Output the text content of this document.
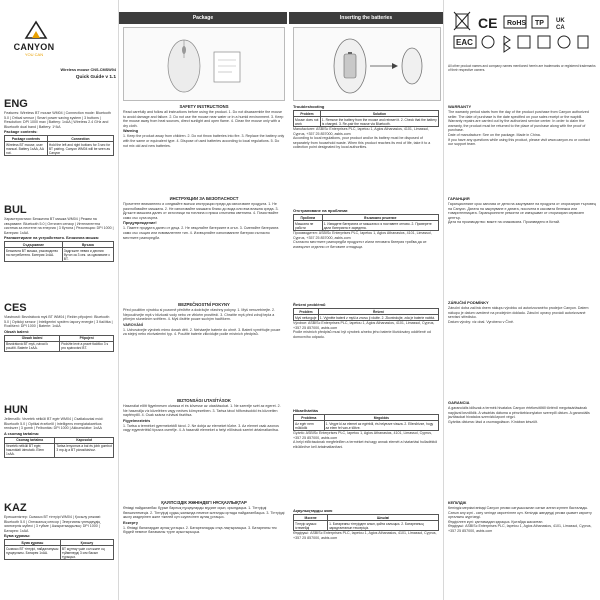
CANYON
YOU CAN
Wireless mouse CNS-CMSW04
Quick Guide v 1.1
ENG

Features: Wireless BT mouse WM04 | Connection mode: Bluetooth 5.0 | Ortical sensor | Smart power saving system | 3 buttons | Resolution: DPI 1000 max | Battery: 1xAA | Wireless 2.4 GHz and Bluetooth dual band | Battery: 1*AA

Package contents:
Package contents	Connection
Wireless BT mouse, user manual. Battery 1xAA, AA not.	Hold the left and right buttons for 3 sec for BT pairing. Canyon WM04 will be seen as Canyon
BUL

Характеристики: Безжична BT мишка WM04 | Режим на свързване: Bluetooth 5.0 | Оптичен сензор | Интелигентна система за пестене на енергия | 3 бутона | Резолюция: DPI 1000 | Батерия: 1xAA

Разпакетиране на устройството. Безжична мишка:
Съдържание	Връзка
Безжична BT мишка, ръководство на потребителя. Батерия 1xAA.	Задръжте левия и десния бутон за 3 сек. за сдвояване с BT.
CES

Vlastnosti: Bezdrátová myš BT WM04 | Režim připojení: Bluetooth 5.0 | Optický senzor | Inteligentní systém úspory energie | 3 tlačítka | Rozlišení: DPI 1000 | Baterie: 1xAA

Obsah balení:
Obsah balení	Připojení
Bezdrátová BT myš, návod k použití. Baterie 1xAA.	Podržte levé a pravé tlačítko 3 s pro spárování BT.
HUN

Jellemzők: Vezeték nélküli BT egér WM04 | Csatlakozási mód: Bluetooth 5.0 | Optikai érzékelő | Intelligens energiatakarékos rendszer | 3 gomb | Felbontás: DPI 1000 | Akkumulátor: 1xAA

A csomag tartalma:
Csomag tartalma	Kapcsolat
Vezeték nélküli BT egér, használati útmutató. Elem 1xAA.	Tartsa lenyomva a bal és jobb gombot 3 mp-ig a BT párosításhoz.
KAZ

Ерекшеліктер: Сымсыз BT тінтуірі WM04 | Қосылу режимі: Bluetooth 5.0 | Оптикалық сенсор | Энергияны үнемдеудің зияткерлік жүйесі | 3 түйме | Ажыратымдылық: DPI 1000 | Батарея: 1xAA

Бума құрамы:
Бума құрамы	Қосылу
Сымсыз BT тінтуірі, пайдаланушы нұсқаулығы. Батарея 1xAA.	BT жұптау үшін сол және оң түймелерді 3 сек басып тұрыңыз.
Package
SAFETY INSTRUCTIONS

Read carefully and follow all instructions before using the product. 1. Do not disassemble the mouse to avoid damage and failure. 2. Do not use the mouse near water or in a humid environment. 3. Keep the mouse away from heat sources, direct sunlight and open flame. 4. Clean the mouse only with a dry cloth.

Warning

1. Keep the product away from children. 2. Do not throw batteries into fire. 3. Replace the battery only with the same or equivalent type. 4. Dispose of used batteries according to local regulations. 5. Do not mix old and new batteries.

ИНСТРУКЦИИ ЗА БЕЗОПАСНОСТ

Прочетете внимателно и следвайте всички инструкции преди да използвате продукта. 1. Не разглобявайте мишката. 2. Не използвайте мишката близо до вода или във влажна среда. 3. Дръжте мишката далеч от източници на топлина и пряка слънчева светлина. 4. Почиствайте само със суха кърпа.

Предупреждение!

1. Пазете продукта далеч от деца. 2. Не хвърляйте батериите в огън. 3. Сменяйте батерията само със същия или еквивалентен тип. 4. Изхвърляйте използваните батерии съгласно местните разпоредби.

BEZPEČNOSTNÍ POKYNY

Před použitím výrobku si pozorně přečtěte a dodržujte všechny pokyny. 1. Myš nerozebírejte. 2. Nepoužívejte myš v blízkosti vody nebo ve vlhkém prostředí. 3. Chraňte myš před zdroji tepla a přímým slunečním světlem. 4. Myš čistěte pouze suchým hadříkem.

VAROVÁNÍ

1. Uchovávejte výrobek mimo dosah dětí. 2. Neházejte baterie do ohně. 3. Baterii vyměňujte pouze za stejný nebo ekvivalentní typ. 4. Použité baterie zlikvidujte podle místních předpisů.

BIZTONSÁGI UTASÍTÁSOK

Használat előtt figyelmesen olvassa el és kövesse az utasításokat. 1. Ne szerelje szét az egeret. 2. Ne használja víz közelében vagy nedves környezetben. 3. Tartsa távol hőforrásoktól és közvetlen napfénytől. 4. Csak száraz ruhával tisztítsa.

Figyelmeztetés

1. Tartsa a terméket gyermekektől távol. 2. Ne dobja az elemeket tűzbe. 3. Az elemet csak azonos vagy egyenértékű típusra cserélje. 4. A használt elemeket a helyi előírások szerint ártalmatlanítsa.

ҚАУІПСІЗДІК ЖӨНІНДЕГІ НҰСҚАУЛЫҚТАР

Өнімді пайдаланбас бұрын барлық нұсқауларды мұқият оқып, орындаңыз. 1. Тінтуірді бөлшектемеңіз. 2. Тінтуірді судың жанында немесе ылғалды ортада пайдаланбаңыз. 3. Тінтуірді жылу көздерінен және тікелей күн сәулесінен аулақ ұстаңыз.

Ескерту

1. Өнімді балалардан аулақ ұстаңыз. 2. Батареяларды отқа лақтырмаңыз. 3. Батареяны тек бірдей немесе баламалы түрге ауыстырыңыз.

Inserting the batteries
Troubleshooting
Problem	Solution
Mouse does not work	1. Remove the battery from the mouse and reinsert it. 2. Check that the battery is charged. 3. Re-pair the mouse via Bluetooth.

Manufacturer: ASBISc Enterprises PLC, Iapetou 1, Agios Athanasios, 4101, Limassol, Cyprus, +357 25 857000, asbis.com

According to local regulations, your product and/or its battery must be disposed of separately from household waste. When this product reaches its end of life, take it to a collection point designated by local authorities.

Отстраняване на проблеми
Проблем	Възможно решение
Мишката не работи	1. Извадете батерията от мишката и я поставете отново. 2. Проверете дали батерията е заредена.

Производител: ASBISc Enterprises PLC, Iapetou 1, Agios Athanasios, 4101, Limassol, Cyprus, +357 25 857000, asbis.com

Съгласно местните разпоредби продуктът и/или неговата батерия трябва да се изхвърлят отделно от битовите отпадъци.

Řešení problémů
Problém	Řešení
Myš nefunguje	1. Vyjměte baterii z myši a znovu ji vložte. 2. Zkontrolujte, zda je baterie nabitá.

Výrobce: ASBISc Enterprises PLC, Iapetou 1, Agios Athanasios, 4101, Limassol, Cyprus, +357 25 857000, asbis.com

Podle místních předpisů musí být výrobek a/nebo jeho baterie likvidovány odděleně od domovního odpadu.

Hibaelhárítás
Probléma	Megoldás
Az egér nem működik	1. Vegye ki az elemet az egérből, és helyezze vissza. 2. Ellenőrizze, hogy az elem fel van-e töltve.

Gyártó: ASBISc Enterprises PLC, Iapetou 1, Agios Athanasios, 4101, Limassol, Cyprus, +357 25 857000, asbis.com

A helyi előírásoknak megfelelően a terméket és/vagy annak elemét a háztartási hulladéktól elkülönítve kell ártalmatlanítani.

Ақаулықтарды жою
Мәселе	Шешімі
Тінтуір жұмыс істемейді	1. Батареяны тінтуірден алып, қайта салыңыз. 2. Батареяның зарядталғанын тексеріңіз.

Өндіруші: ASBISc Enterprises PLC, Iapetou 1, Agios Athanasios, 4101, Limassol, Cyprus, +357 25 857000, asbis.com

CE RoHS TP UK
CA
EAC

All other product names and company names mentioned herein are trademarks or registered trademarks of their respective owners.

WARRANTY

The warranty period starts from the day of the product purchase from Canyon authorized seller. The date of purchase is the date specified on your sales receipt or the waybill. Warranty repairs are carried out by the authorized service center. In order to claim the warranty, the product must be returned to the place of purchase along with the proof of purchase.

Date of manufacture: See on the package. Made in China.

If you have any questions while using this product, please visit www.canyon.eu or contact our support team.

ГАРАНЦИЯ

Гаранционният срок започва от деня на закупуване на продукта от оторизиран търговец на Canyon. Датата на закупуване е датата, посочена в касовата бележка или товарителницата. Гаранционните ремонти се извършват от оторизиран сервизен център.

Дата на производство: вижте на опаковката. Произведено в Китай.

ZÁRUČNÍ PODMÍNKY

Záruční doba začíná dnem nákupu výrobku od autorizovaného prodejce Canyon. Datem nákupu je datum uvedené na prodejním dokladu. Záruční opravy provádí autorizované servisní středisko.

Datum výroby: viz obal. Vyrobeno v Číně.

GARANCIA

A garanciális időszak a termék hivatalos Canyon értékesítőtől történő megvásárlásának napjával kezdődik. A vásárlás dátuma a pénztárbizonylaton szereplő dátum. A garanciális javításokat hivatalos szervizközpont végzi.

Gyártás dátuma: lásd a csomagoláson. Kínában készült.

КЕПІЛДІК

Кепілдік мерзімі өнімді Canyon ресми сатушысынан сатып алған күннен басталады. Сатып алу күні - сату чегінде көрсетілген күн. Кепілдік жөндеуді ресми қызмет көрсету орталығы жүргізеді.

Өндірілген күні: қаптамадан қараңыз. Қытайда жасалған.

Өндіруші: ASBISc Enterprises PLC, Iapetou 1, Agios Athanasios, 4101, Limassol, Cyprus, +357 25 857000, asbis.com
